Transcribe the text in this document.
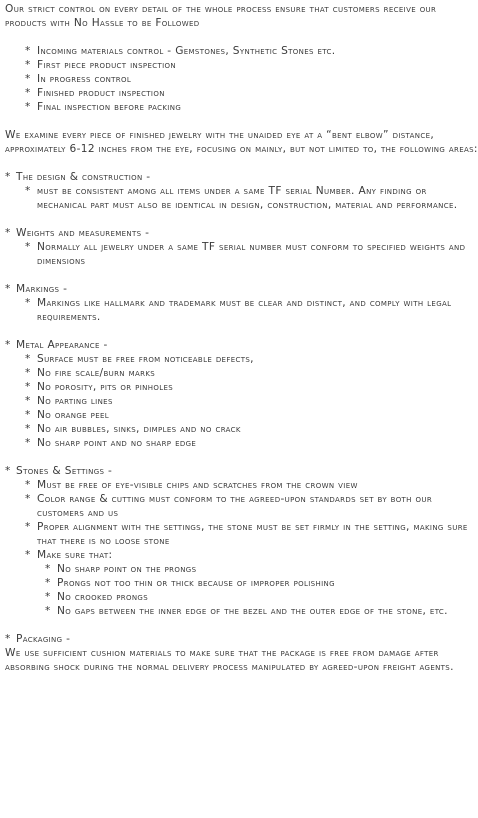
Our strict control on every detail of the whole process ensure that customers receive our products with No Hassle to be Followed

* Incoming materials control - Gemstones, Synthetic Stones etc.
* First piece product inspection
* In progress control
* Finished product inspection
* Final inspection before packing

We examine every piece of finished jewelry with the unaided eye at a “bent elbow” distance, approximately 6-12 inches from the eye, focusing on mainly, but not limited to, the following areas:

* The design & construction -
* must be consistent among all items under a same TF serial Number. Any finding or mechanical part must also be identical in design, construction, material and performance.
* Weights and measurements -
* Normally all jewelry under a same TF serial number must conform to specified weights and dimensions
* Markings -
* Markings like hallmark and trademark must be clear and distinct, and comply with legal requirements.
* Metal Appearance -
* Surface must be free from noticeable defects,
* No fire scale/burn marks
* No porosity, pits or pinholes
* No parting lines
* No orange peel
* No air bubbles, sinks, dimples and no crack
* No sharp point and no sharp edge
* Stones & Settings -
* Must be free of eye-visible chips and scratches from the crown view
* Color range & cutting must conform to the agreed-upon standards set by both our customers and us
* Proper alignment with the settings, the stone must be set firmly in the setting, making sure that there is no loose stone
* Make sure that:
* No sharp point on the prongs
* Prongs not too thin or thick because of improper polishing
* No crooked prongs
* No gaps between the inner edge of the bezel and the outer edge of the stone, etc.
* Packaging -

We use sufficient cushion materials to make sure that the package is free from damage after absorbing shock during the normal delivery process manipulated by agreed-upon freight agents.
